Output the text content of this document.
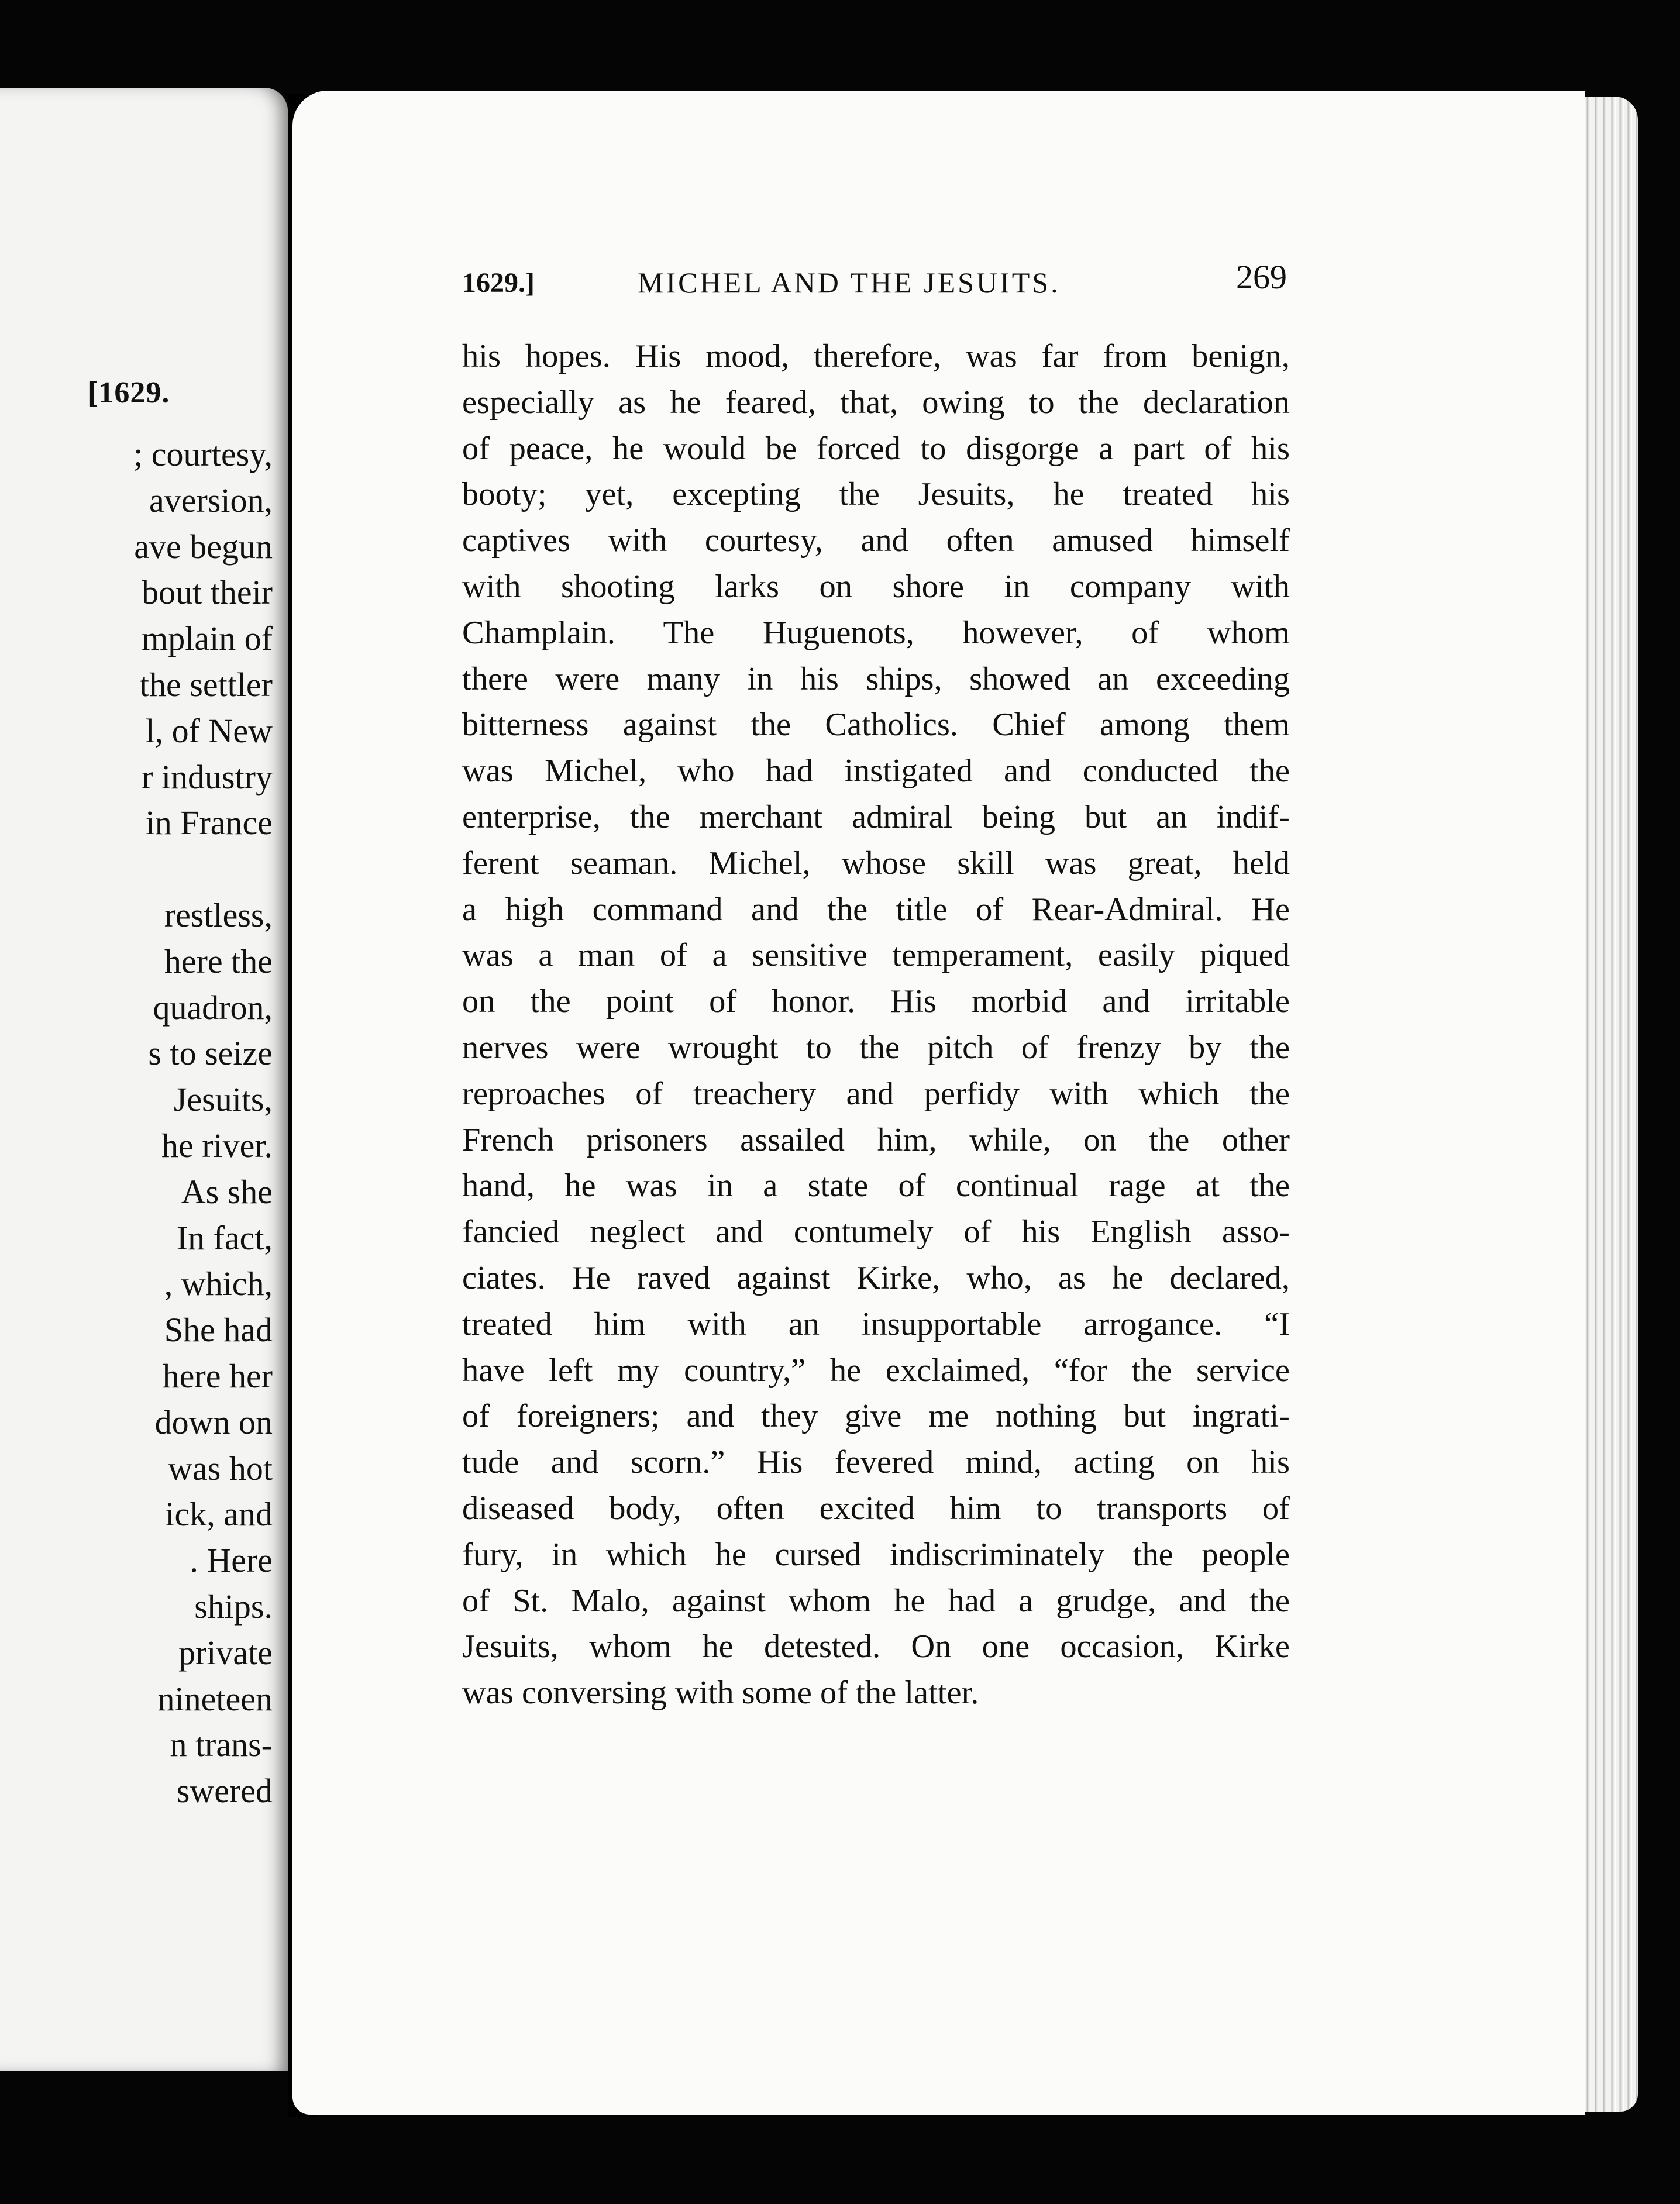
[1629.
; courtesy,
aversion,
ave begun
bout their
mplain of
the settler
l, of New
r industry
in France
restless,
here the
quadron,
s to seize
Jesuits,
he river.
As she
In fact,
, which,
She had
here her
down on
was hot
ick, and
. Here
ships.
private
nineteen
n trans-
swered
1629.]	MICHEL AND THE JESUITS.	269
his hopes. His mood, therefore, was far from benign,
especially as he feared, that, owing to the declaration
of peace, he would be forced to disgorge a part of his
booty; yet, excepting the Jesuits, he treated his
captives with courtesy, and often amused himself
with shooting larks on shore in company with
Champlain. The Huguenots, however, of whom
there were many in his ships, showed an exceeding
bitterness against the Catholics. Chief among them
was Michel, who had instigated and conducted the
enterprise, the merchant admiral being but an indif-
ferent seaman. Michel, whose skill was great, held
a high command and the title of Rear-Admiral. He
was a man of a sensitive temperament, easily piqued
on the point of honor. His morbid and irritable
nerves were wrought to the pitch of frenzy by the
reproaches of treachery and perfidy with which the
French prisoners assailed him, while, on the other
hand, he was in a state of continual rage at the
fancied neglect and contumely of his English asso-
ciates. He raved against Kirke, who, as he declared,
treated him with an insupportable arrogance. “I
have left my country,” he exclaimed, “for the service
of foreigners; and they give me nothing but ingrati-
tude and scorn.” His fevered mind, acting on his
diseased body, often excited him to transports of
fury, in which he cursed indiscriminately the people
of St. Malo, against whom he had a grudge, and the
Jesuits, whom he detested. On one occasion, Kirke
was conversing with some of the latter.
